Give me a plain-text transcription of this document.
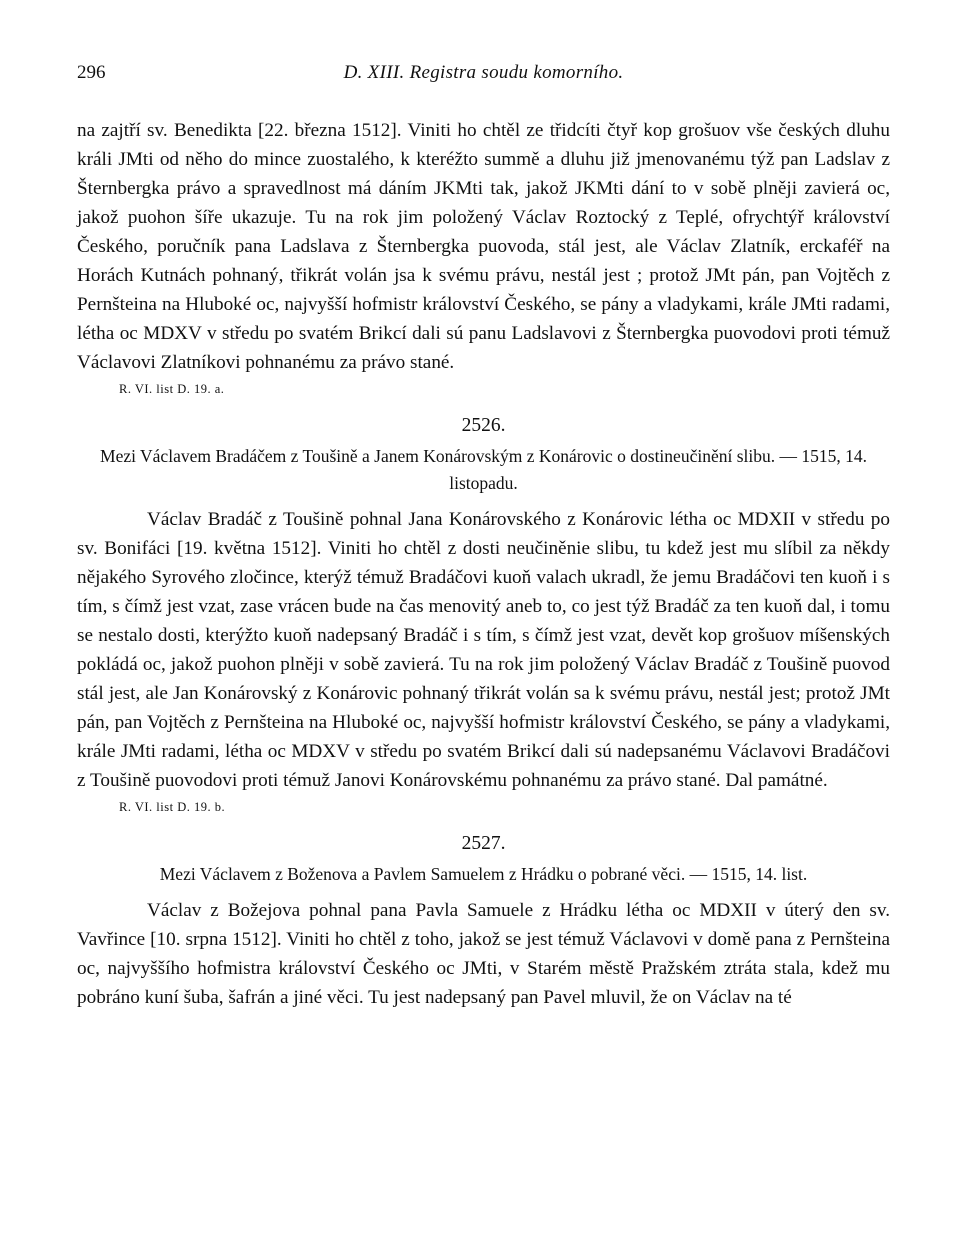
296	D. XIII. Registra soudu komorního.

na zajtří sv. Benedikta [22. března 1512]. Viniti ho chtěl ze třidcíti čtyř kop grošuov vše českých dluhu králi JMti od něho do mince zuostalého, k kteréžto summě a dluhu již jmenovanému týž pan Ladslav z Šternbergka právo a spravedlnost má dáním JKMti tak, jakož JKMti dání to v sobě plněji zavierá oc, jakož puohon šíře ukazuje. Tu na rok jim položený Václav Roztocký z Teplé, ofrychtýř království Českého, poručník pana Ladslava z Šternbergka puovoda, stál jest, ale Václav Zlatník, erckaféř na Horách Kutnách pohnaný, třikrát volán jsa k svému právu, nestál jest ; protož JMt pán, pan Vojtěch z Pernšteina na Hluboké oc, najvyšší hofmistr království Českého, se pány a vladykami, krále JMti radami, létha oc MDXV v středu po svatém Brikcí dali sú panu Ladslavovi z Šternbergka puovodovi proti témuž Václavovi Zlatníkovi pohnanému za právo stané.

R. VI. list D. 19. a.
2526.
Mezi Václavem Bradáčem z Toušině a Janem Konárovským z Konárovic o dostineučinění slibu. — 1515, 14. listopadu.

Václav Bradáč z Toušině pohnal Jana Konárovského z Konárovic létha oc MDXII v středu po sv. Bonifáci [19. května 1512]. Viniti ho chtěl z dosti neučiněnie slibu, tu kdež jest mu slíbil za někdy nějakého Syrového zločince, kterýž témuž Bradáčovi kuoň valach ukradl, že jemu Bradáčovi ten kuoň i s tím, s čímž jest vzat, zase vrácen bude na čas menovitý aneb to, co jest týž Bradáč za ten kuoň dal, i tomu se nestalo dosti, kterýžto kuoň nadepsaný Bradáč i s tím, s čímž jest vzat, devět kop grošuov míšenských pokládá oc, jakož puohon plněji v sobě zavierá. Tu na rok jim položený Václav Bradáč z Toušině puovod stál jest, ale Jan Konárovský z Konárovic pohnaný třikrát volán sa k svému právu, nestál jest; protož JMt pán, pan Vojtěch z Pernšteina na Hluboké oc, najvyšší hofmistr království Českého, se pány a vladykami, krále JMti radami, létha oc MDXV v středu po svatém Brikcí dali sú nadepsanému Václavovi Bradáčovi z Toušině puovodovi proti témuž Janovi Konárovskému pohnanému za právo stané. Dal památné.

R. VI. list D. 19. b.
2527.
Mezi Václavem z Boženova a Pavlem Samuelem z Hrádku o pobrané věci. — 1515, 14. list.

Václav z Božejova pohnal pana Pavla Samuele z Hrádku létha oc MDXII v úterý den sv. Vavřince [10. srpna 1512]. Viniti ho chtěl z toho, jakož se jest témuž Václavovi v domě pana z Pernšteina oc, najvyššího hofmistra království Českého oc JMti, v Starém městě Pražském ztráta stala, kdež mu pobráno kuní šuba, šafrán a jiné věci. Tu jest nadepsaný pan Pavel mluvil, že on Václav na té
